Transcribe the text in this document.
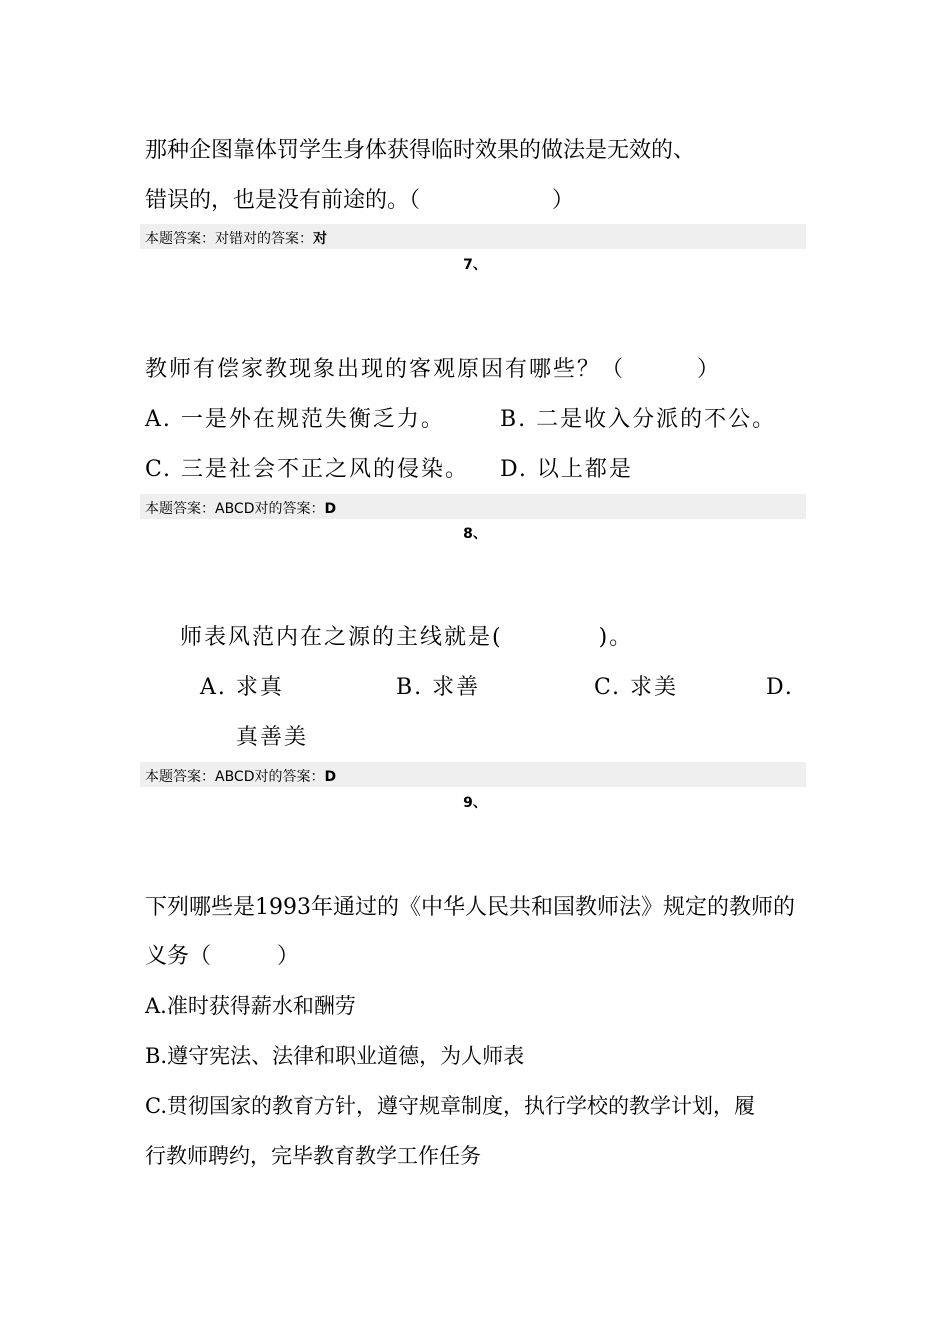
那种企图靠体罚学生身体获得临时效果的做法是无效的、
错误的，也是没有前途的。（　　　　　　）
本题答案：对错对的答案：对
7、
教师有偿家教现象出现的客观原因有哪些？（　　　）
A. 一是外在规范失衡乏力。	B. 二是收入分派的不公。
C. 三是社会不正之风的侵染。 D. 以上都是
本题答案：ABCD对的答案：D
8、
师表风范内在之源的主线就是(　　　　)。
A. 求真	B. 求善	C. 求美	D.
真善美
本题答案：ABCD对的答案：D
9、
下列哪些是1993年通过的《中华人民共和国教师法》规定的教师的
义务（　　　）
A.准时获得薪水和酬劳
B.遵守宪法、法律和职业道德，为人师表
C.贯彻国家的教育方针，遵守规章制度，执行学校的教学计划，履
行教师聘约，完毕教育教学工作任务
